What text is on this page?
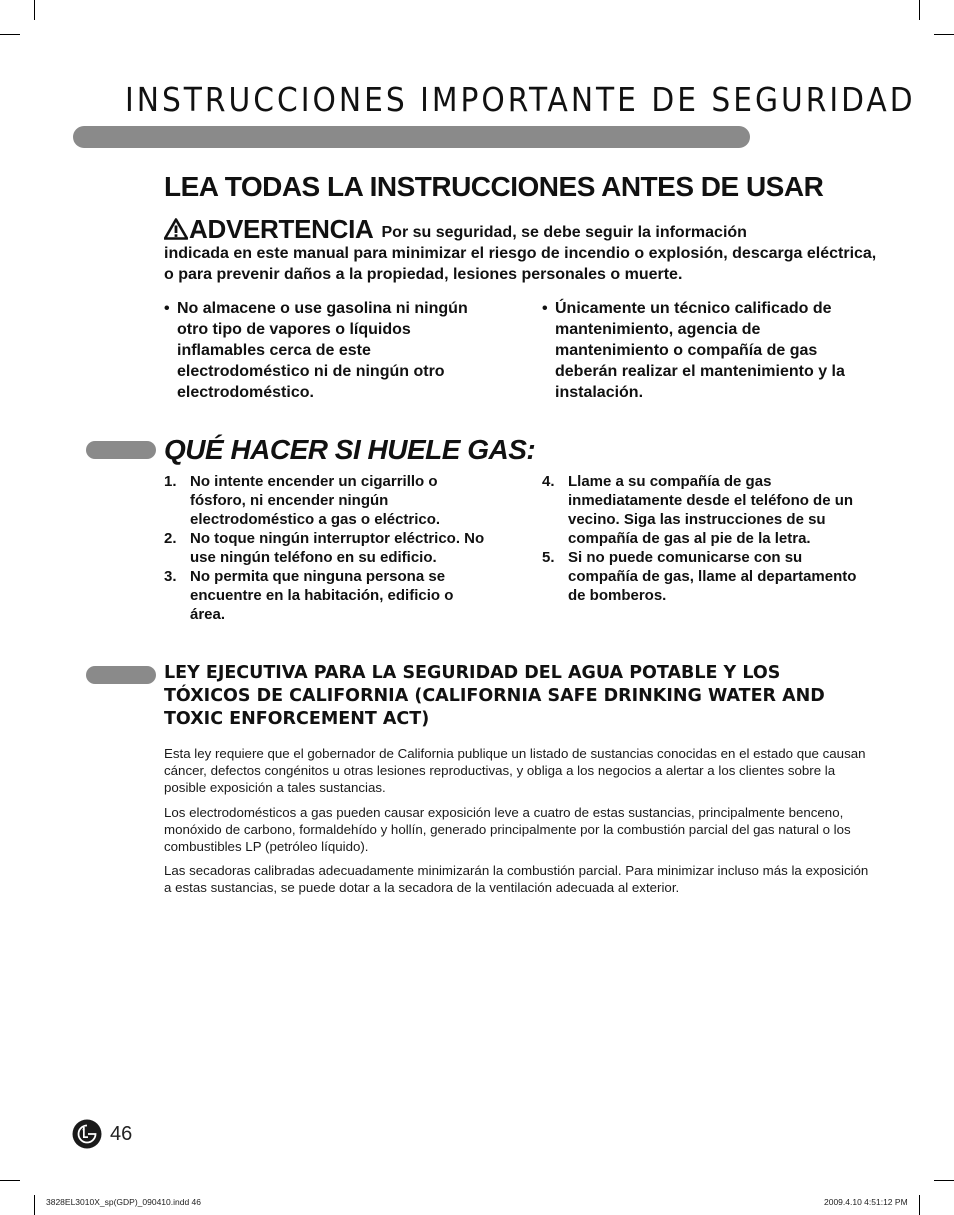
INSTRUCCIONES IMPORTANTE DE SEGURIDAD
LEA TODAS LA INSTRUCCIONES ANTES DE USAR
ADVERTENCIA Por su seguridad, se debe seguir la información
indicada en este manual para minimizar el riesgo de incendio o explosión, descarga eléctrica, o para prevenir daños a la propiedad, lesiones personales o muerte.
• No almacene o use gasolina ni ningún otro tipo de vapores o líquidos inflamables cerca de este electrodoméstico ni de ningún otro electrodoméstico.
• Únicamente un técnico calificado de mantenimiento, agencia de mantenimiento o compañía de gas deberán realizar el mantenimiento y la instalación.
QUÉ HACER SI HUELE GAS:
1. No intente encender un cigarrillo o fósforo, ni encender ningún electrodoméstico a gas o eléctrico.
2. No toque ningún interruptor eléctrico. No use ningún teléfono en su edificio.
3. No permita que ninguna persona se encuentre en la habitación, edificio o área.
4. Llame a su compañía de gas inmediatamente desde el teléfono de un vecino. Siga las instrucciones de su compañía de gas al pie de la letra.
5. Si no puede comunicarse con su compañía de gas, llame al departamento de bomberos.
LEY EJECUTIVA PARA LA SEGURIDAD DEL AGUA POTABLE Y LOS TÓXICOS DE CALIFORNIA (CALIFORNIA SAFE DRINKING WATER AND TOXIC ENFORCEMENT ACT)

Esta ley requiere que el gobernador de California publique un listado de sustancias conocidas en el estado que causan cáncer, defectos congénitos u otras lesiones reproductivas, y obliga a los negocios a alertar a los clientes sobre la posible exposición a tales sustancias.

Los electrodomésticos a gas pueden causar exposición leve a cuatro de estas sustancias, principalmente benceno, monóxido de carbono, formaldehído y hollín, generado principalmente por la combustión parcial del gas natural o los combustibles LP (petróleo líquido).

Las secadoras calibradas adecuadamente minimizarán la combustión parcial. Para minimizar incluso más la exposición a estas sustancias, se puede dotar a la secadora de la ventilación adecuada al exterior.

46
3828EL3010X_sp(GDP)_090410.indd 46	2009.4.10 4:51:12 PM
